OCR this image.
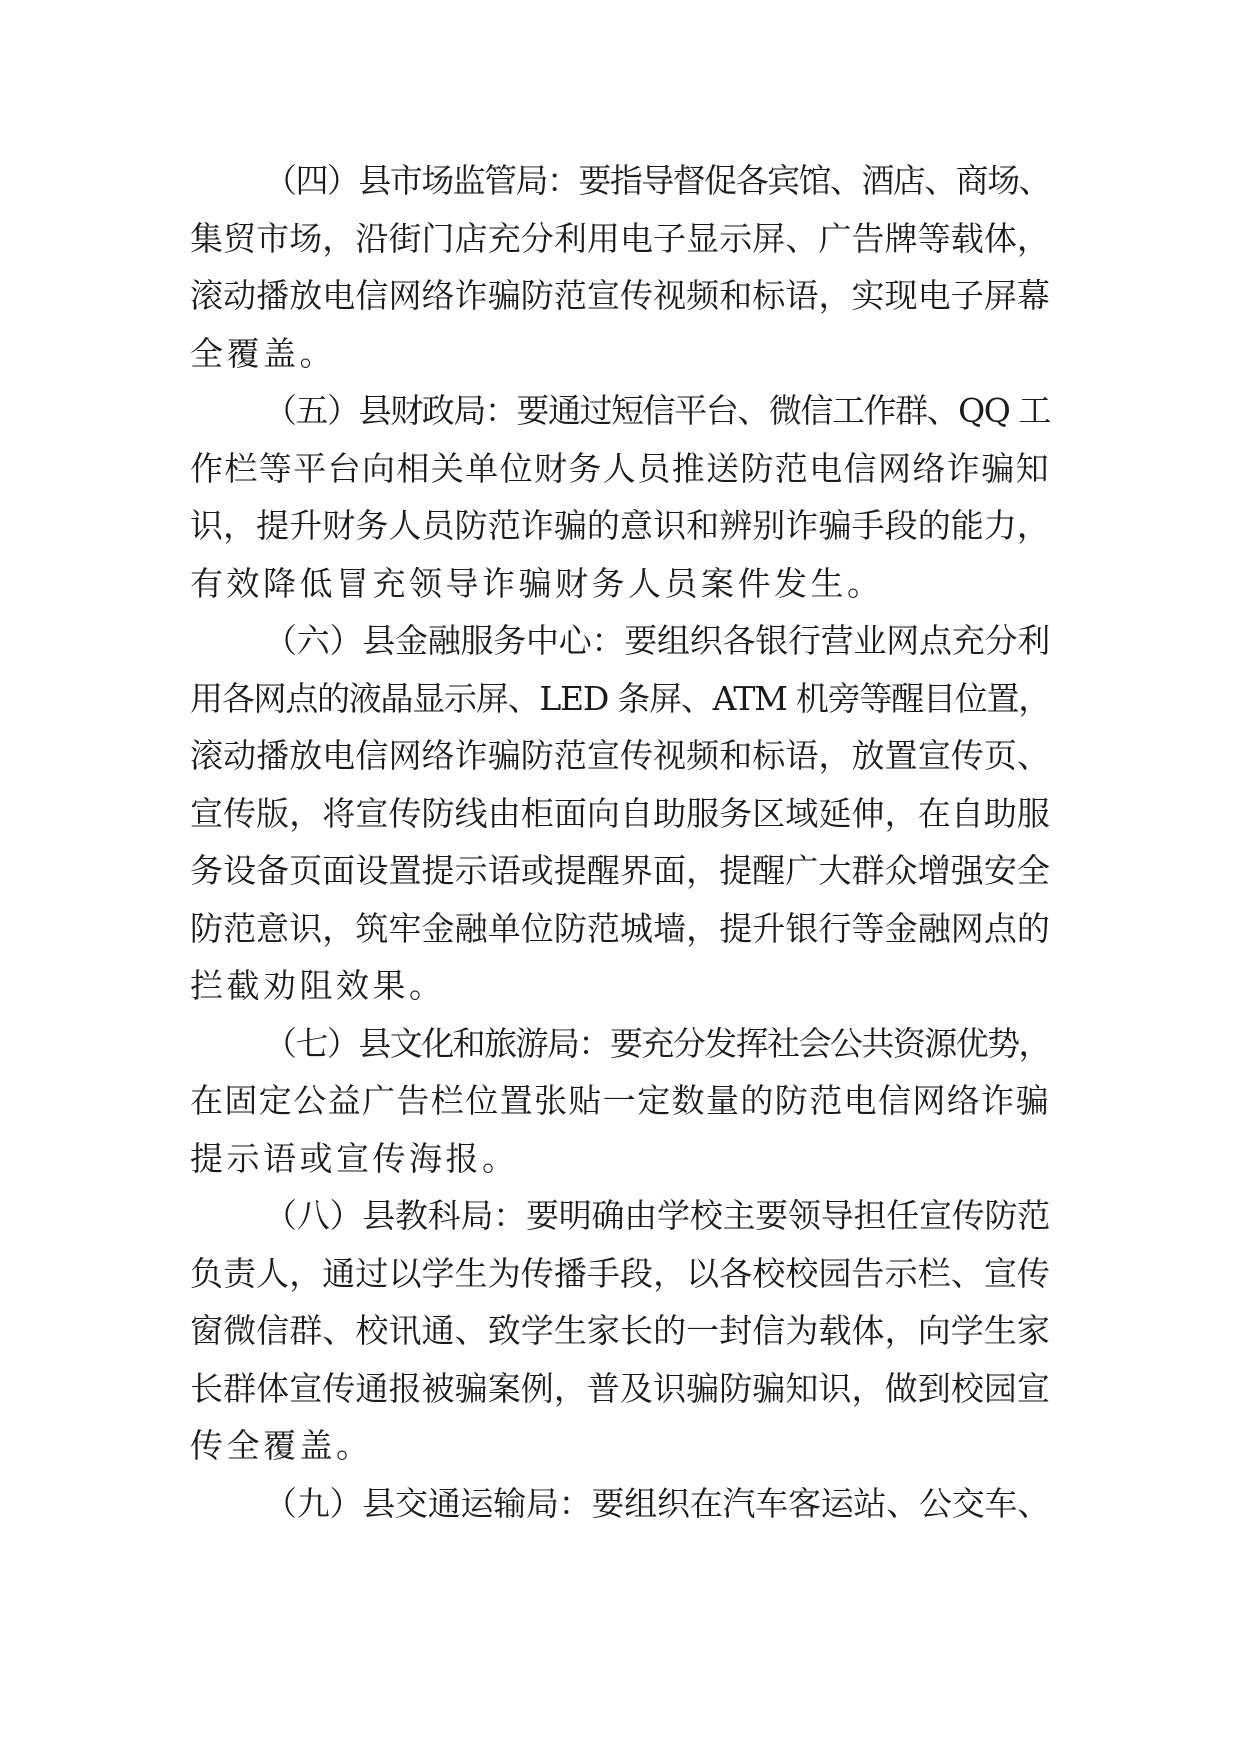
（四）县市场监管局：要指导督促各宾馆、酒店、商场、
集贸市场，沿街门店充分利用电子显示屏、广告牌等载体，
滚动播放电信网络诈骗防范宣传视频和标语，实现电子屏幕
全覆盖。
（五）县财政局：要通过短信平台、微信工作群、QQ 工
作栏等平台向相关单位财务人员推送防范电信网络诈骗知
识，提升财务人员防范诈骗的意识和辨别诈骗手段的能力，
有效降低冒充领导诈骗财务人员案件发生。
（六）县金融服务中心：要组织各银行营业网点充分利
用各网点的液晶显示屏、LED 条屏、ATM 机旁等醒目位置，
滚动播放电信网络诈骗防范宣传视频和标语，放置宣传页、
宣传版，将宣传防线由柜面向自助服务区域延伸，在自助服
务设备页面设置提示语或提醒界面，提醒广大群众增强安全
防范意识，筑牢金融单位防范城墙，提升银行等金融网点的
拦截劝阻效果。
（七）县文化和旅游局：要充分发挥社会公共资源优势，
在固定公益广告栏位置张贴一定数量的防范电信网络诈骗
提示语或宣传海报。
（八）县教科局：要明确由学校主要领导担任宣传防范
负责人，通过以学生为传播手段，以各校校园告示栏、宣传
窗微信群、校讯通、致学生家长的一封信为载体，向学生家
长群体宣传通报被骗案例，普及识骗防骗知识，做到校园宣
传全覆盖。
（九）县交通运输局：要组织在汽车客运站、公交车、
